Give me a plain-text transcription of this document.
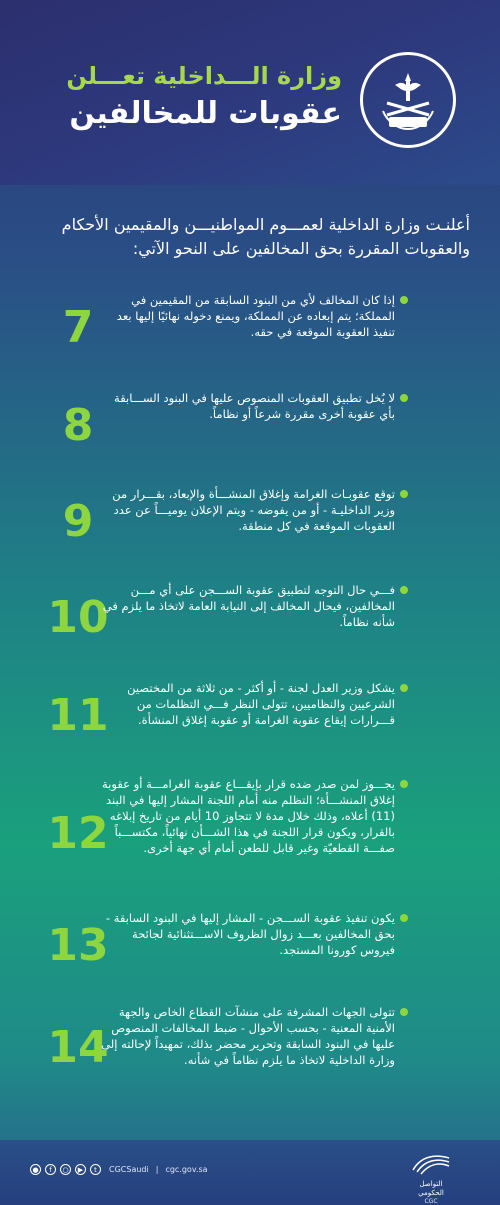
وزارة الـــداخلية تعـــلن
عقوبات للمخالفين
أعلنـت وزارة الداخلية لعمـــوم المواطنيـــن والمقيمين الأحكام والعقوبات المقررة بحق المخالفين على النحو الآتي:
7
إذا كان المخالف لأي من البنود السابقة من المقيمين في المملكة؛ يتم إبعاده عن المملكة، ويمنع دخوله نهائيًا إليها بعد تنفيذ العقوبة الموقعة في حقه.
8
لا يُخل تطبيق العقوبات المنصوص عليها في البنود الســـابقة بأي عقوبة أخرى مقررة شرعاً أو نظاماً.
9
توقع عقوبـات الغرامة وإغلاق المنشـــأة والإبعاد، بقـــرار من وزير الداخليـة - أو من يفوضه - ويتم الإعلان يوميـــاً عن عدد العقوبات الموقعة في كل منطقة.
10
فـــي حال التوجه لتطبيق عقوبة الســـجن على أي مـــن المخالفين، فيحال المخالف إلى النيابة العامة لاتخاذ ما يلزم في شأنه نظاماً.
11
يشكل وزير العدل لجنة - أو أكثر - من ثلاثة من المختصين الشرعيين والنظاميين، تتولى النظر فـــي التظلمات من قـــرارات إيقاع عقوبة الغرامة أو عقوبة إغلاق المنشأة.
12
يجـــوز لمن صدر ضده قرار بإيقـــاع عقوبة الغرامـــة أو عقوبة إغلاق المنشـــأة؛ التظلم منه أمام اللجنة المشار إليها في البند (11) أعلاه، وذلك خلال مدة لا تتجاوز 10 أيام من تاريخ إبلاغه بالقرار، ويكون قرار اللجنة في هذا الشـــأن نهائياً، مكتســـباً صفـــة القطعيّة وغير قابل للطعن أمام أي جهة أخرى.
13
يكون تنفيذ عقوبة الســـجن - المشار إليها في البنود السابقة - بحق المخالفين بعـــد زوال الظروف الاســـتثنائية لجائحة فيروس كورونا المستجد.
14
تتولى الجهات المشرفة على منشآت القطاع الخاص والجهة الأمنية المعنية - بحسب الأحوال - ضبط المخالفات المنصوص عليها في البنود السابقة وتحرير محضر بذلك، تمهيداً لإحالته إلى وزارة الداخلية لاتخاذ ما يلزم نظاماً في شأنه.
●	f	○	▶	t	CGCSaudi | cgc.gov.sa
التواصل الحكومي
CGC
